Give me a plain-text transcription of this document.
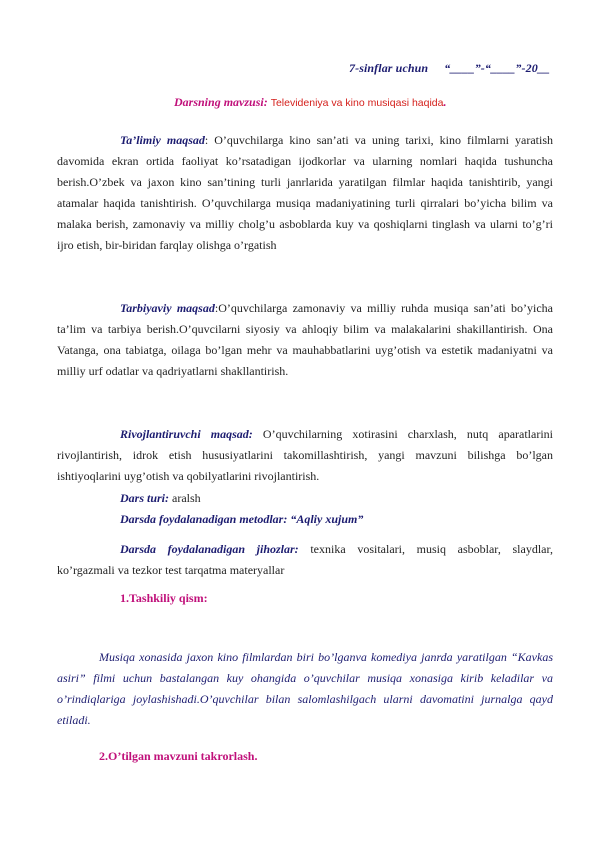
7-sinflar uchun “____”-“____”-20__
Darsning mavzusi: Televideniya va kino musiqasi haqida.
Ta’limiy maqsad: O’quvchilarga kino san’ati va uning tarixi, kino filmlarni yaratish davomida ekran ortida faoliyat ko’rsatadigan ijodkorlar va ularning nomlari haqida tushuncha berish.O’zbek va jaxon kino san’tining turli janrlarida yaratilgan filmlar haqida tanishtirib, yangi atamalar haqida tanishtirish. O’quvchilarga musiqa madaniyatining turli qirralari bo’yicha bilim va malaka berish, zamonaviy va milliy cholg’u asboblarda kuy va qoshiqlarni tinglash va ularni to’g’ri ijro etish, bir-biridan farqlay olishga o’rgatish
Tarbiyaviy maqsad:O’quvchilarga zamonaviy va milliy ruhda musiqa san’ati bo’yicha ta’lim va tarbiya berish.O’quvcilarni siyosiy va ahloqiy bilim va malakalarini shakillantirish. Ona Vatanga, ona tabiatga, oilaga bo’lgan mehr va mauhabbatlarini uyg’otish va estetik madaniyatni va milliy urf odatlar va qadriyatlarni shakllantirish.
Rivojlantiruvchi maqsad: O’quvchilarning xotirasini charxlash, nutq aparatlarini rivojlantirish, idrok etish hususiyatlarini takomillashtirish, yangi mavzuni bilishga bo’lgan ishtiyoqlarini uyg’otish va qobilyatlarini rivojlantirish.
Dars turi: aralsh
Darsda foydalanadigan metodlar: “Aqliy xujum”
Darsda foydalanadigan jihozlar: texnika vositalari, musiq asboblar, slaydlar, ko’rgazmali va tezkor test tarqatma materyallar
1.Tashkiliy qism:
Musiqa xonasida jaxon kino filmlardan biri bo’lganva komediya janrda yaratilgan “Kavkas asiri” filmi uchun bastalangan kuy ohangida o’quvchilar musiqa xonasiga kirib keladilar va o’rindiqlariga joylashishadi.O’quvchilar bilan salomlashilgach ularni davomatini jurnalga qayd etiladi.
2.O’tilgan mavzuni takrorlash.
